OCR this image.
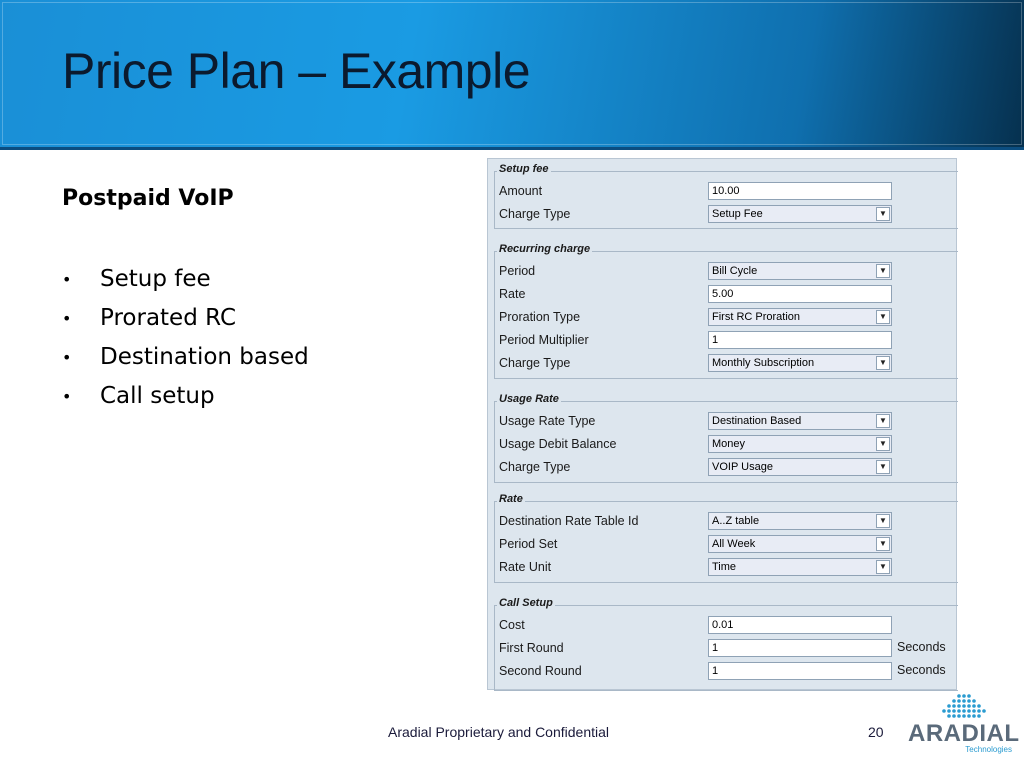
Price Plan – Example
Postpaid VoIP
• Setup fee
• Prorated RC
• Destination based
• Call setup
Setup fee
Amount	10.00
Charge Type	Setup Fee	▼
Recurring charge
Period	Bill Cycle	▼
Rate	5.00
Proration Type	First RC Proration	▼
Period Multiplier	1
Charge Type	Monthly Subscription	▼
Usage Rate
Usage Rate Type	Destination Based	▼
Usage Debit Balance	Money	▼
Charge Type	VOIP Usage	▼
Rate
Destination Rate Table Id	A..Z table	▼
Period Set	All Week	▼
Rate Unit	Time	▼
Call Setup
Cost	0.01
First Round	1	Seconds
Second Round	1	Seconds
Aradial Proprietary and Confidential	20 ARADIAL
Technologies
